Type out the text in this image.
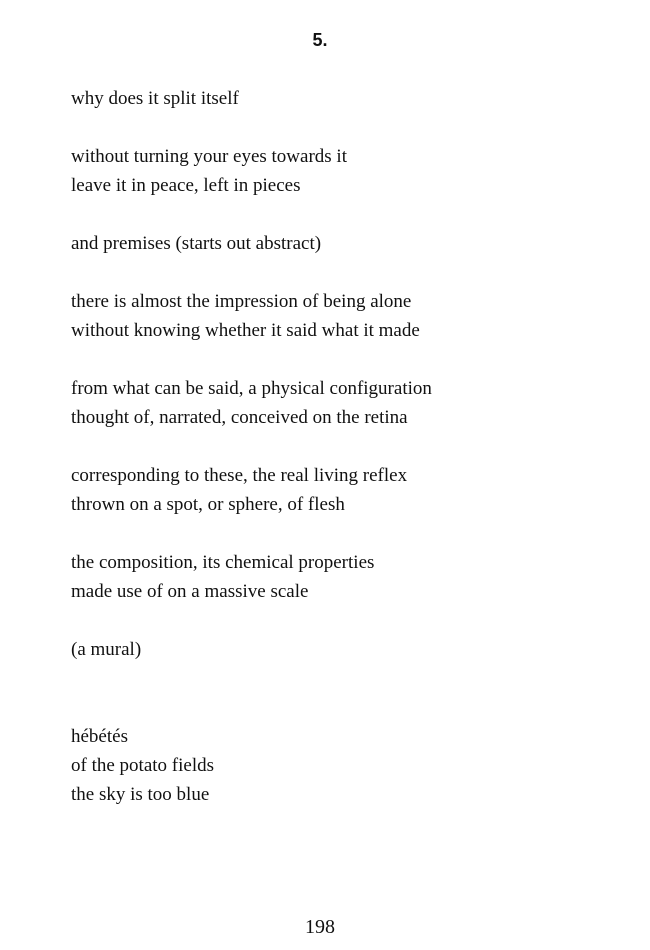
5.
why does it split itself
without turning your eyes towards it
leave it in peace, left in pieces
and premises (starts out abstract)
there is almost the impression of being alone
without knowing whether it said what it made
from what can be said, a physical configuration
thought of, narrated, conceived on the retina
corresponding to these, the real living reflex
thrown on a spot, or sphere, of flesh
the composition, its chemical properties
made use of on a massive scale
(a mural)
hébétés
of the potato fields
the sky is too blue
198
